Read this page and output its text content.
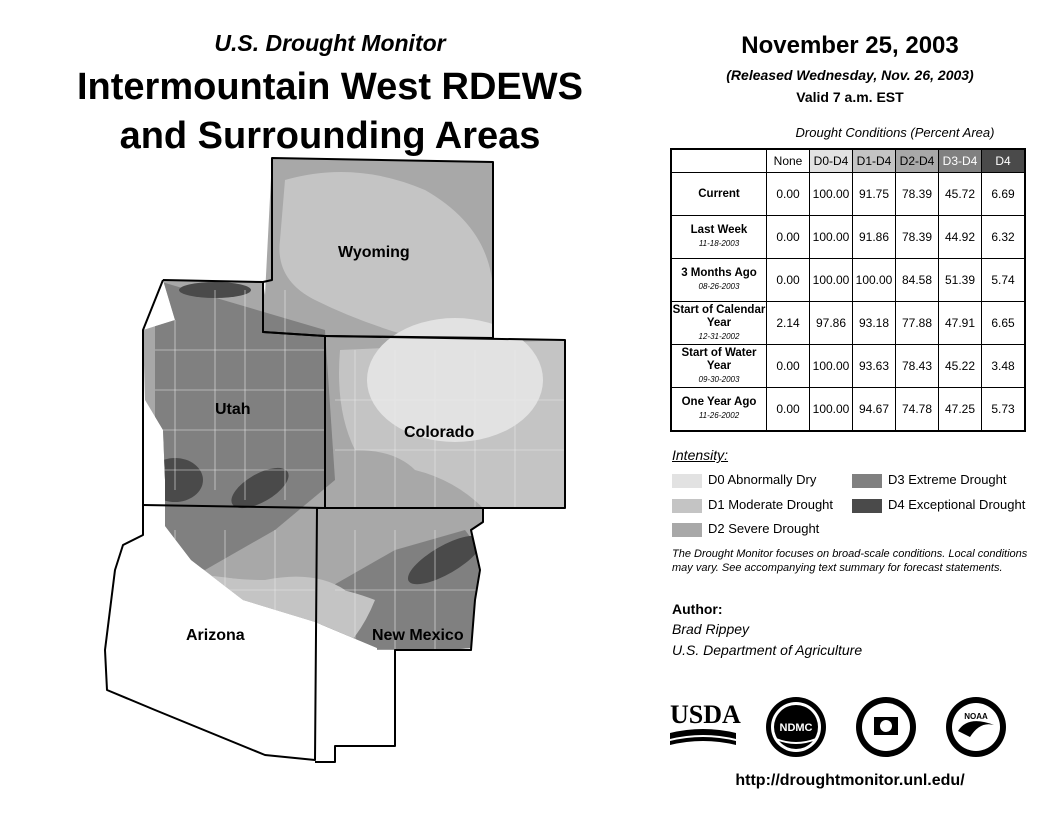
U.S. Drought Monitor
Intermountain West RDEWS
and Surrounding Areas
Wyoming
Utah
Colorado
Arizona	New Mexico
November 25, 2003
(Released Wednesday, Nov. 26, 2003)
Valid 7 a.m. EST
Drought Conditions (Percent Area)
	None	D0-D4	D1-D4	D2-D4	D3-D4	D4
Current	0.00	100.00	91.75	78.39	45.72	6.69
Last Week
11-18-2003	0.00	100.00	91.86	78.39	44.92	6.32
3 Months Ago
08-26-2003	0.00	100.00	100.00	84.58	51.39	5.74
Start of Calendar Year
12-31-2002	2.14	97.86	93.18	77.88	47.91	6.65
Start of Water Year
09-30-2003	0.00	100.00	93.63	78.43	45.22	3.48
One Year Ago
11-26-2002	0.00	100.00	94.67	74.78	47.25	5.73
Intensity:
D0 Abnormally Dry
D1 Moderate Drought
D2 Severe Drought
D3 Extreme Drought
D4 Exceptional Drought
The Drought Monitor focuses on broad-scale conditions. Local conditions may vary. See accompanying text summary for forecast statements.
Author:
Brad Rippey
U.S. Department of Agriculture
USDA	NDMC
NOAA
http://droughtmonitor.unl.edu/
